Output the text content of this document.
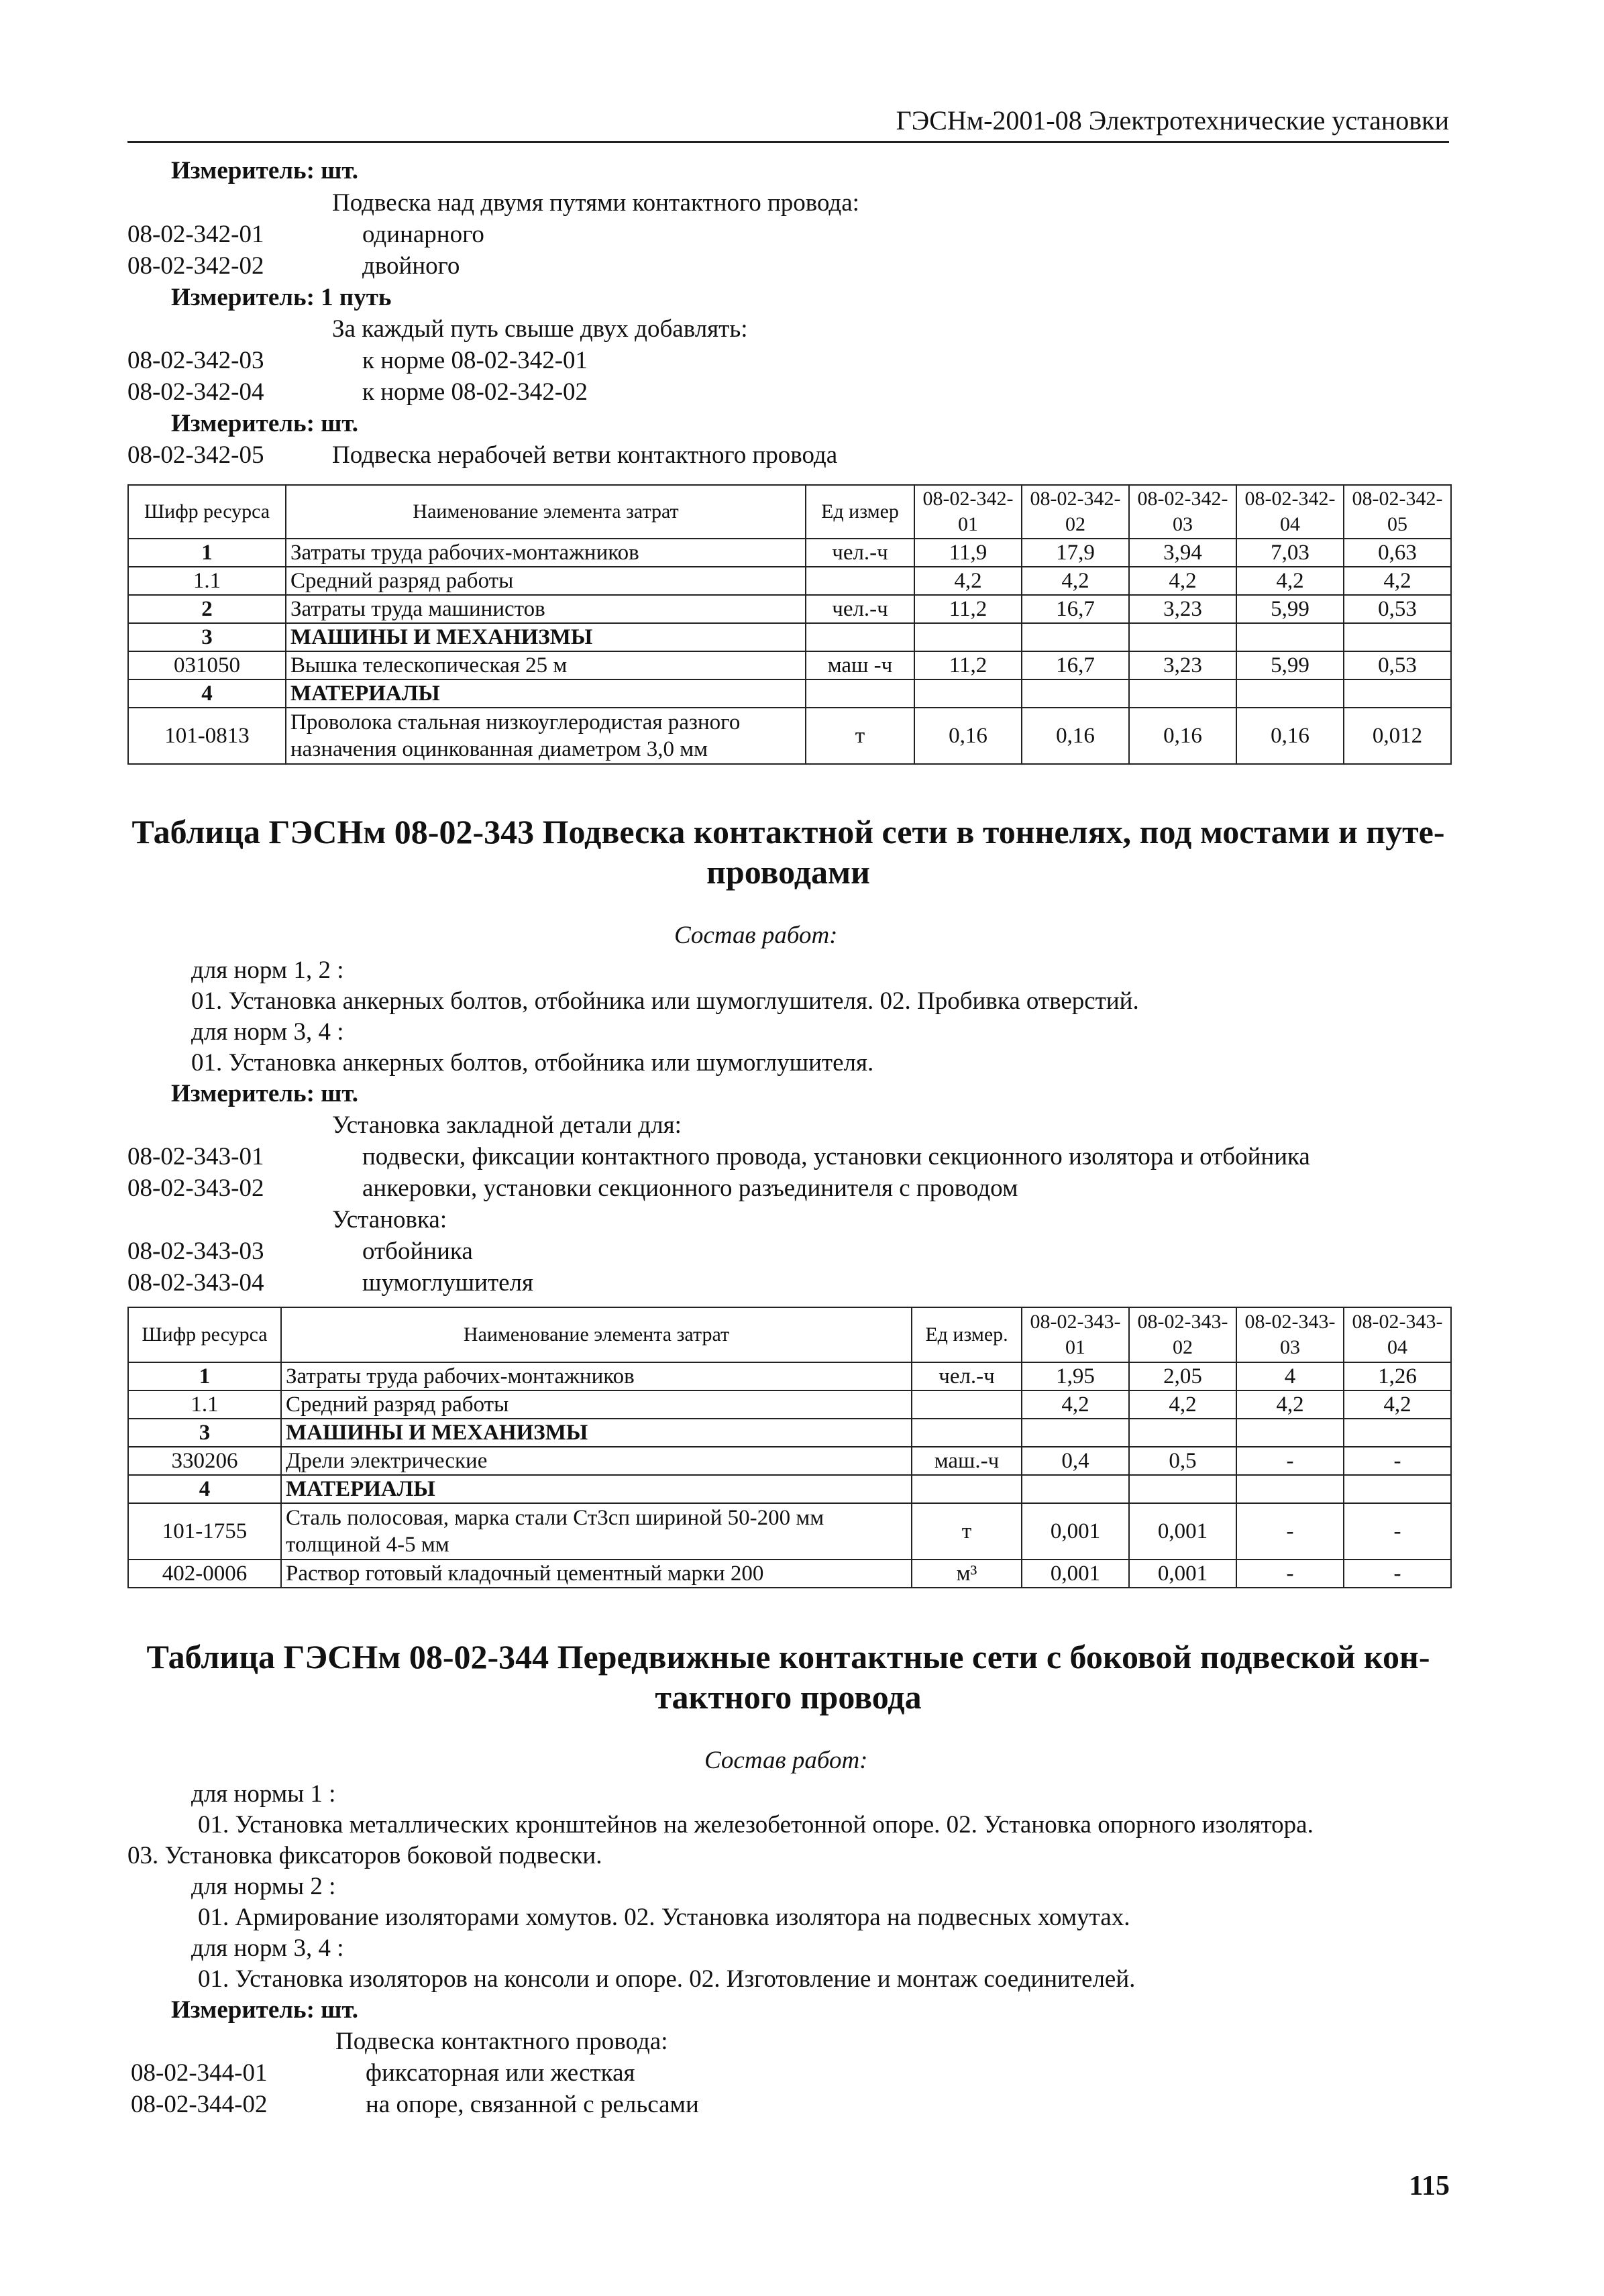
ГЭСНм-2001-08 Электротехнические установки
Измеритель: шт.
Подвеска над двумя путями контактного провода:
08-02-342-01	одинарного
08-02-342-02	двойного
Измеритель: 1 путь
За каждый путь свыше двух добавлять:
08-02-342-03	к норме 08-02-342-01
08-02-342-04	к норме 08-02-342-02
Измеритель: шт.
08-02-342-05	Подвеска нерабочей ветви контактного провода
Шифр ресурса	Наименование элемента затрат	Ед измер	08-02-342-01	08-02-342-02	08-02-342-03	08-02-342-04	08-02-342-05
1	Затраты труда рабочих-монтажников	чел.-ч	11,9	17,9	3,94	7,03	0,63
1.1	Средний разряд работы		4,2	4,2	4,2	4,2	4,2
2	Затраты труда машинистов	чел.-ч	11,2	16,7	3,23	5,99	0,53
3	МАШИНЫ И МЕХАНИЗМЫ						
031050	Вышка телескопическая 25 м	маш -ч	11,2	16,7	3,23	5,99	0,53
4	МАТЕРИАЛЫ						
101-0813	Проволока стальная низкоуглеродистая разного назначения оцинкованная диаметром 3,0 мм	т	0,16	0,16	0,16	0,16	0,012
Таблица ГЭСНм 08-02-343 Подвеска контактной сети в тоннелях, под мостами и путе-
проводами
Состав работ:
для норм 1, 2 :
01. Установка анкерных болтов, отбойника или шумоглушителя. 02. Пробивка отверстий.
для норм 3, 4 :
01. Установка анкерных болтов, отбойника или шумоглушителя.
Измеритель: шт.
Установка закладной детали для:
08-02-343-01	подвески, фиксации контактного провода, установки секционного изолятора и отбойника
08-02-343-02	анкеровки, установки секционного разъединителя с проводом
Установка:
08-02-343-03	отбойника
08-02-343-04	шумоглушителя
Шифр ресурса	Наименование элемента затрат	Ед измер.	08-02-343-01	08-02-343-02	08-02-343-03	08-02-343-04
1	Затраты труда рабочих-монтажников	чел.-ч	1,95	2,05	4	1,26
1.1	Средний разряд работы		4,2	4,2	4,2	4,2
3	МАШИНЫ И МЕХАНИЗМЫ					
330206	Дрели электрические	маш.-ч	0,4	0,5	-	-
4	МАТЕРИАЛЫ					
101-1755	Сталь полосовая, марка стали Ст3сп шириной 50-200 мм толщиной 4-5 мм	т	0,001	0,001	-	-
402-0006	Раствор готовый кладочный цементный марки 200	м³	0,001	0,001	-	-
Таблица ГЭСНм 08-02-344 Передвижные контактные сети с боковой подвеской кон-
тактного провода
Состав работ:
для нормы 1 :
01. Установка металлических кронштейнов на железобетонной опоре. 02. Установка опорного изолятора.
03. Установка фиксаторов боковой подвески.
для нормы 2 :
01. Армирование изоляторами хомутов. 02. Установка изолятора на подвесных хомутах.
для норм 3, 4 :
01. Установка изоляторов на консоли и опоре. 02. Изготовление и монтаж соединителей.
Измеритель: шт.
Подвеска контактного провода:
08-02-344-01	фиксаторная или жесткая
08-02-344-02	на опоре, связанной с рельсами
115
